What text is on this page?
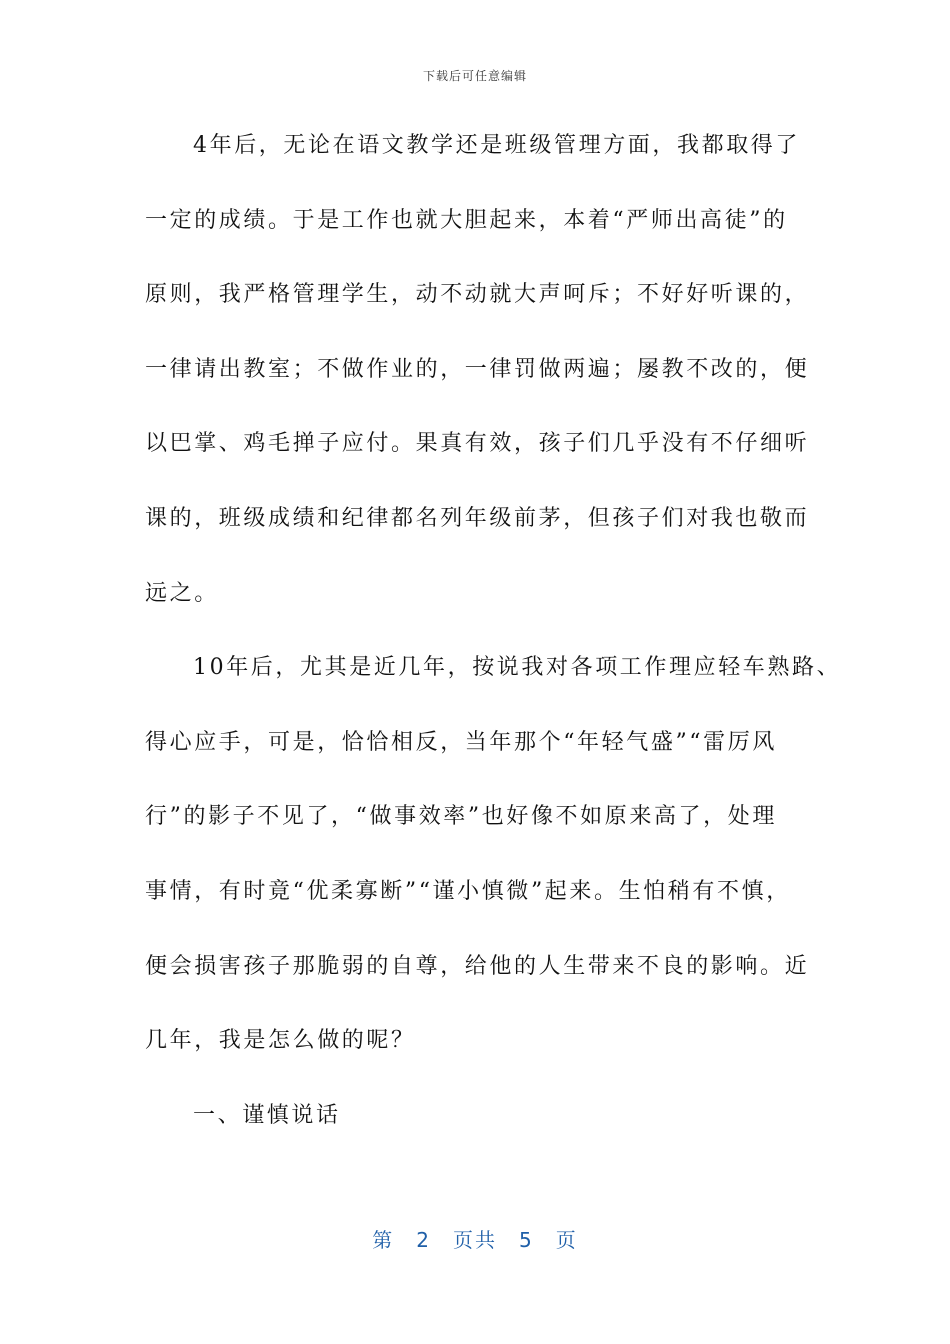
下载后可任意编辑
4年后，无论在语文教学还是班级管理方面，我都取得了
一定的成绩。于是工作也就大胆起来，本着“严师出高徒”的
原则，我严格管理学生，动不动就大声呵斥；不好好听课的，
一律请出教室；不做作业的，一律罚做两遍；屡教不改的，便
以巴掌、鸡毛掸子应付。果真有效，孩子们几乎没有不仔细听
课的，班级成绩和纪律都名列年级前茅，但孩子们对我也敬而
远之。
10年后，尤其是近几年，按说我对各项工作理应轻车熟路、
得心应手，可是，恰恰相反，当年那个“年轻气盛”“雷厉风
行”的影子不见了，“做事效率”也好像不如原来高了，处理
事情，有时竟“优柔寡断”“谨小慎微”起来。生怕稍有不慎，
便会损害孩子那脆弱的自尊，给他的人生带来不良的影响。近
几年，我是怎么做的呢？
一、谨慎说话
第 2 页共 5 页
